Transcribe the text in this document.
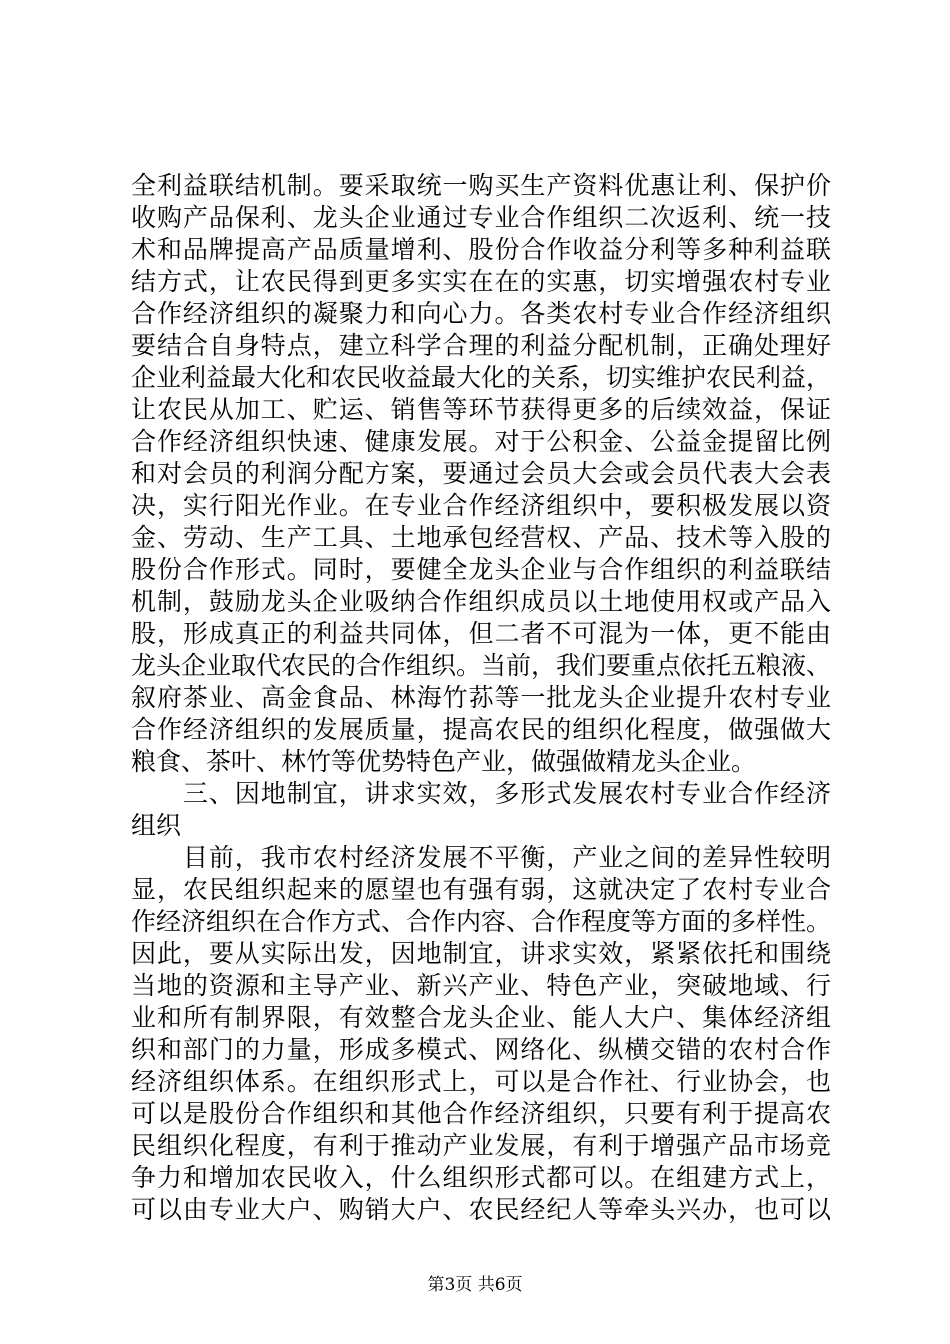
全利益联结机制。要采取统一购买生产资料优惠让利、保护价
收购产品保利、龙头企业通过专业合作组织二次返利、统一技
术和品牌提高产品质量增利、股份合作收益分利等多种利益联
结方式，让农民得到更多实实在在的实惠，切实增强农村专业
合作经济组织的凝聚力和向心力。各类农村专业合作经济组织
要结合自身特点，建立科学合理的利益分配机制，正确处理好
企业利益最大化和农民收益最大化的关系，切实维护农民利益，
让农民从加工、贮运、销售等环节获得更多的后续效益，保证
合作经济组织快速、健康发展。对于公积金、公益金提留比例
和对会员的利润分配方案，要通过会员大会或会员代表大会表
决，实行阳光作业。在专业合作经济组织中，要积极发展以资
金、劳动、生产工具、土地承包经营权、产品、技术等入股的
股份合作形式。同时，要健全龙头企业与合作组织的利益联结
机制，鼓励龙头企业吸纳合作组织成员以土地使用权或产品入
股，形成真正的利益共同体，但二者不可混为一体，更不能由
龙头企业取代农民的合作组织。当前，我们要重点依托五粮液、
叙府茶业、高金食品、林海竹荪等一批龙头企业提升农村专业
合作经济组织的发展质量，提高农民的组织化程度，做强做大
粮食、茶叶、林竹等优势特色产业，做强做精龙头企业。
　　三、因地制宜，讲求实效，多形式发展农村专业合作经济
组织
　　目前，我市农村经济发展不平衡，产业之间的差异性较明
显，农民组织起来的愿望也有强有弱，这就决定了农村专业合
作经济组织在合作方式、合作内容、合作程度等方面的多样性。
因此，要从实际出发，因地制宜，讲求实效，紧紧依托和围绕
当地的资源和主导产业、新兴产业、特色产业，突破地域、行
业和所有制界限，有效整合龙头企业、能人大户、集体经济组
织和部门的力量，形成多模式、网络化、纵横交错的农村合作
经济组织体系。在组织形式上，可以是合作社、行业协会，也
可以是股份合作组织和其他合作经济组织，只要有利于提高农
民组织化程度，有利于推动产业发展，有利于增强产品市场竞
争力和增加农民收入，什么组织形式都可以。在组建方式上，
可以由专业大户、购销大户、农民经纪人等牵头兴办，也可以
第3页 共6页
